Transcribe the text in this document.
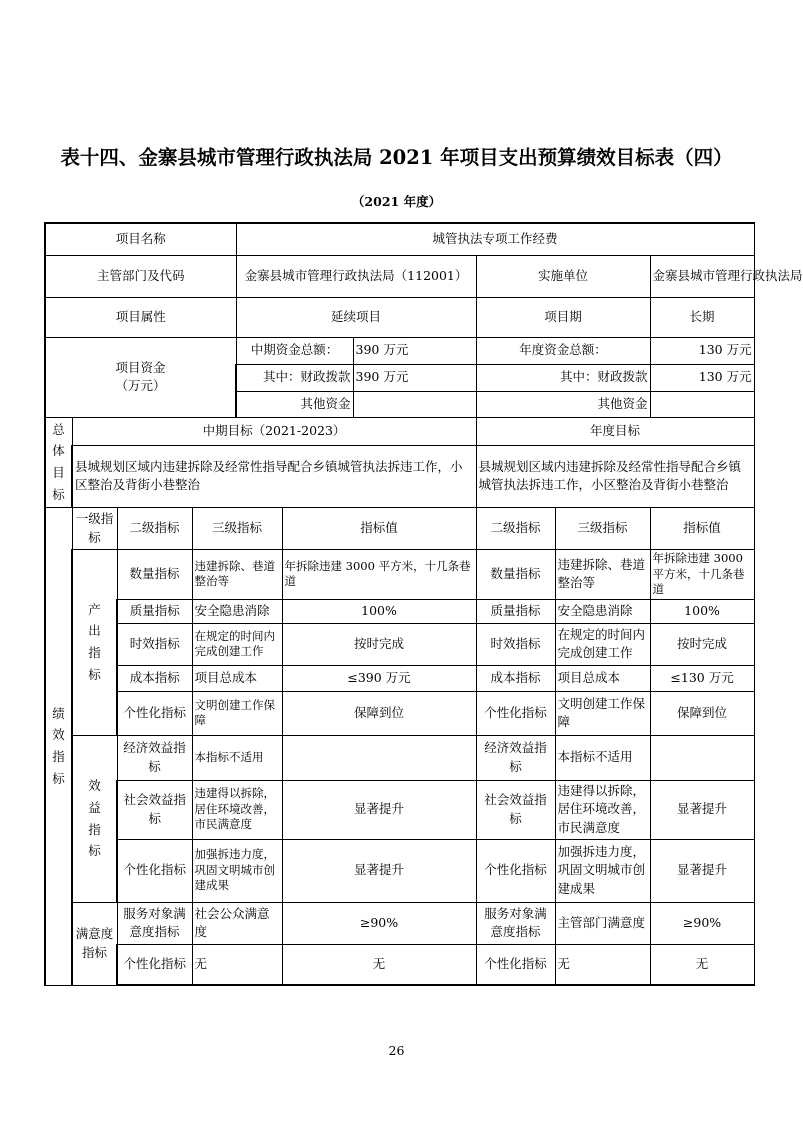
表十四、金寨县城市管理行政执法局 2021 年项目支出预算绩效目标表（四）
（2021 年度）
项目名称				城管执法专项工作经费					
主管部门及代码				金寨县城市管理行政执法局（112001）			实施单位		金寨县城市管理行政执法局
项目属性				延续项目			项目期		长期

项目资金
（万元）				中期资金总额：		390 万元	年度资金总额：		130 万元
				其中：财政拨款		390 万元	其中：财政拨款		130 万元
				其他资金			其他资金		

总体目标	中期目标（2021-2023）						年度目标		
	县城规划区域内违建拆除及经常性指导配合乡镇城管执法拆违工作，小区整治及背街小巷整治						县城规划区域内违建拆除及经常性指导配合乡镇城管执法拆违工作，小区整治及背街小巷整治		

绩效指标	一级指标	二级指标	三级指标		指标值		二级指标	三级指标	指标值

	产出指标	数量指标	违建拆除、巷道整治等		年拆除违建 3000 平方米，十几条巷道		数量指标	违建拆除、巷道整治等	年拆除违建 3000 平方米，十几条巷道
		质量指标	安全隐患消除		100%		质量指标	安全隐患消除	100%
		时效指标	在规定的时间内完成创建工作		按时完成		时效指标	在规定的时间内完成创建工作	按时完成
		成本指标	项目总成本		≤390 万元		成本指标	项目总成本	≤130 万元
		个性化指标	文明创建工作保障		保障到位		个性化指标	文明创建工作保障	保障到位

	效益指标	经济效益指标	本指标不适用				经济效益指标	本指标不适用	
		社会效益指标	违建得以拆除，居住环境改善，市民满意度		显著提升		社会效益指标	违建得以拆除，居住环境改善，市民满意度	显著提升
		个性化指标	加强拆违力度，巩固文明城市创建成果		显著提升		个性化指标	加强拆违力度，巩固文明城市创建成果	显著提升
	满意度指标	服务对象满意度指标	社会公众满意度		≥90%		服务对象满意度指标	主管部门满意度	≥90%
		个性化指标	无		无		个性化指标	无	无
26
